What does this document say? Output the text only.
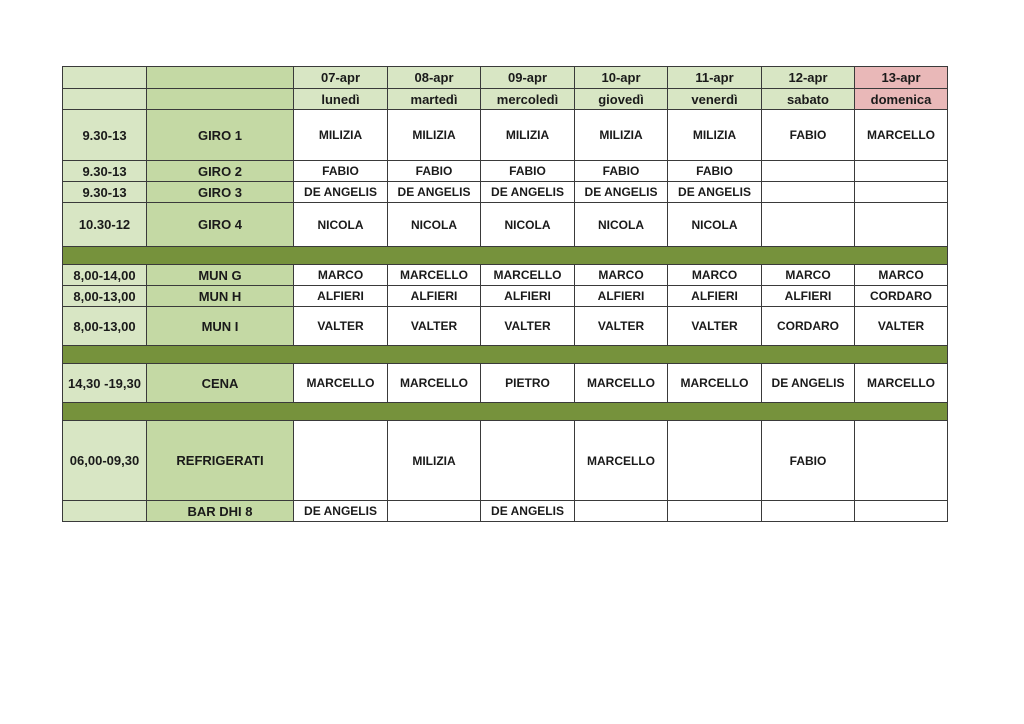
		07-apr	08-apr	09-apr	10-apr	11-apr	12-apr	13-apr
		lunedì	martedì	mercoledì	giovedì	venerdì	sabato	domenica
9.30-13	GIRO 1	MILIZIA	MILIZIA	MILIZIA	MILIZIA	MILIZIA	FABIO	MARCELLO
9.30-13	GIRO 2	FABIO	FABIO	FABIO	FABIO	FABIO		
9.30-13	GIRO 3	DE ANGELIS	DE ANGELIS	DE ANGELIS	DE ANGELIS	DE ANGELIS		
10.30-12	GIRO 4	NICOLA	NICOLA	NICOLA	NICOLA	NICOLA		

8,00-14,00	MUN G	MARCO	MARCELLO	MARCELLO	MARCO	MARCO	MARCO	MARCO
8,00-13,00	MUN H	ALFIERI	ALFIERI	ALFIERI	ALFIERI	ALFIERI	ALFIERI	CORDARO
8,00-13,00	MUN I	VALTER	VALTER	VALTER	VALTER	VALTER	CORDARO	VALTER

14,30 -19,30	CENA	MARCELLO	MARCELLO	PIETRO	MARCELLO	MARCELLO	DE ANGELIS	MARCELLO

06,00-09,30	REFRIGERATI		MILIZIA		MARCELLO		FABIO	
	BAR DHI 8	DE ANGELIS		DE ANGELIS				
